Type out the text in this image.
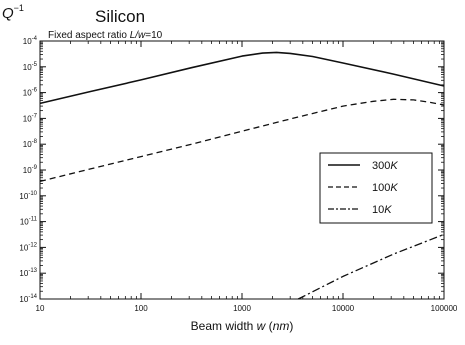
$Q^{-1}$	Silicon
Fixed aspect ratio L/w=10
10	100	1000	10000	100000
$10^{-4}$
$10^{-5}$
$10^{-6}$
$10^{-7}$
$10^{-8}$
$10^{-9}$
$10^{-10}$
$10^{-11}$
$10^{-12}$
$10^{-13}$
$10^{-14}$
300K
100K
10K
Beam width w (nm)
